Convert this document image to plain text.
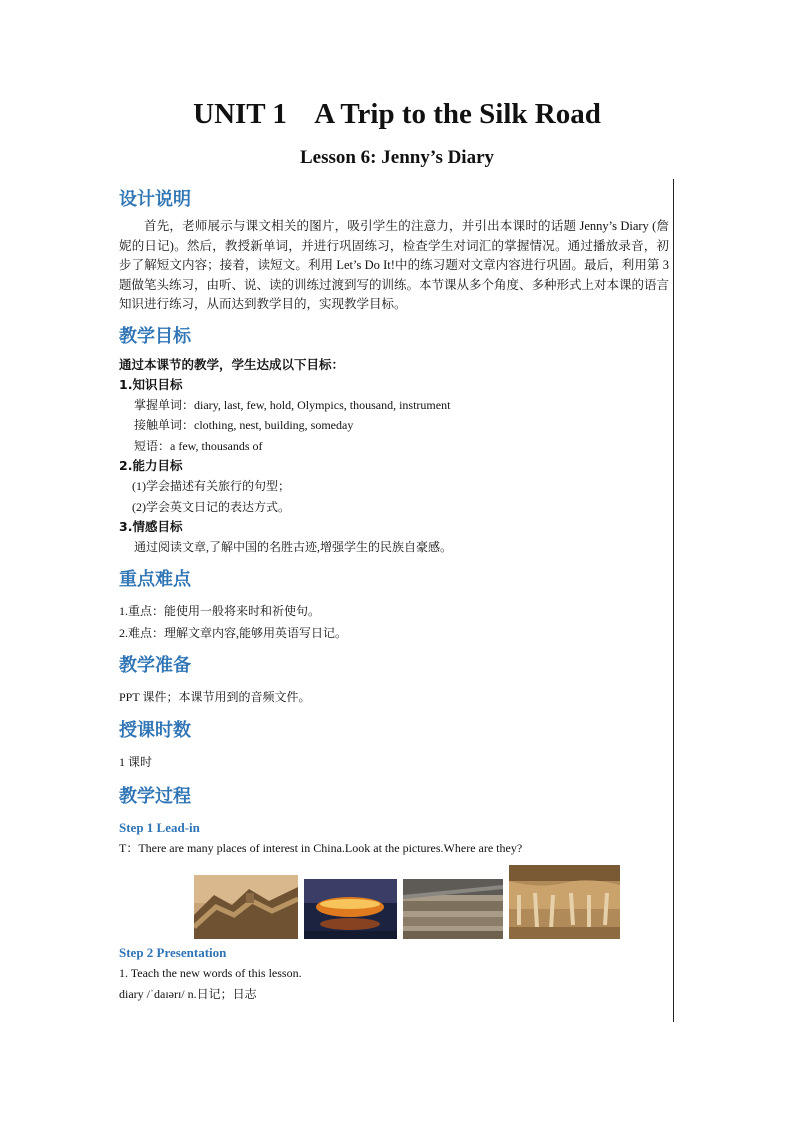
UNIT 1    A Trip to the Silk Road
Lesson 6: Jenny’s Diary
设计说明
首先，老师展示与课文相关的图片，吸引学生的注意力，并引出本课时的话题 Jenny’s Diary (詹妮的日记)。然后，教授新单词，并进行巩固练习，检查学生对词汇的掌握情况。通过播放录音，初步了解短文内容；接着，读短文。利用 Let’s Do It!中的练习题对文章内容进行巩固。最后，利用第 3 题做笔头练习，由听、说、读的训练过渡到写的训练。本节课从多个角度、多种形式上对本课的语言知识进行练习，从而达到教学目的，实现教学目标。
教学目标
通过本课节的教学，学生达成以下目标：
1.知识目标
掌握单词：diary, last, few, hold, Olympics, thousand, instrument
接触单词：clothing, nest, building, someday
短语：a few, thousands of
2.能力目标
(1)学会描述有关旅行的句型；
(2)学会英文日记的表达方式。
3.情感目标
通过阅读文章,了解中国的名胜古迹,增强学生的民族自豪感。
重点难点
1.重点：能使用一般将来时和祈使句。
2.难点：理解文章内容,能够用英语写日记。
教学准备
PPT 课件；本课节用到的音频文件。
授课时数
1 课时
教学过程
Step 1 Lead-in
T：There are many places of interest in China.Look at the pictures.Where are they?
Step 2 Presentation
1. Teach the new words of this lesson.
diary /ˈdaɪərɪ/ n.日记；日志
